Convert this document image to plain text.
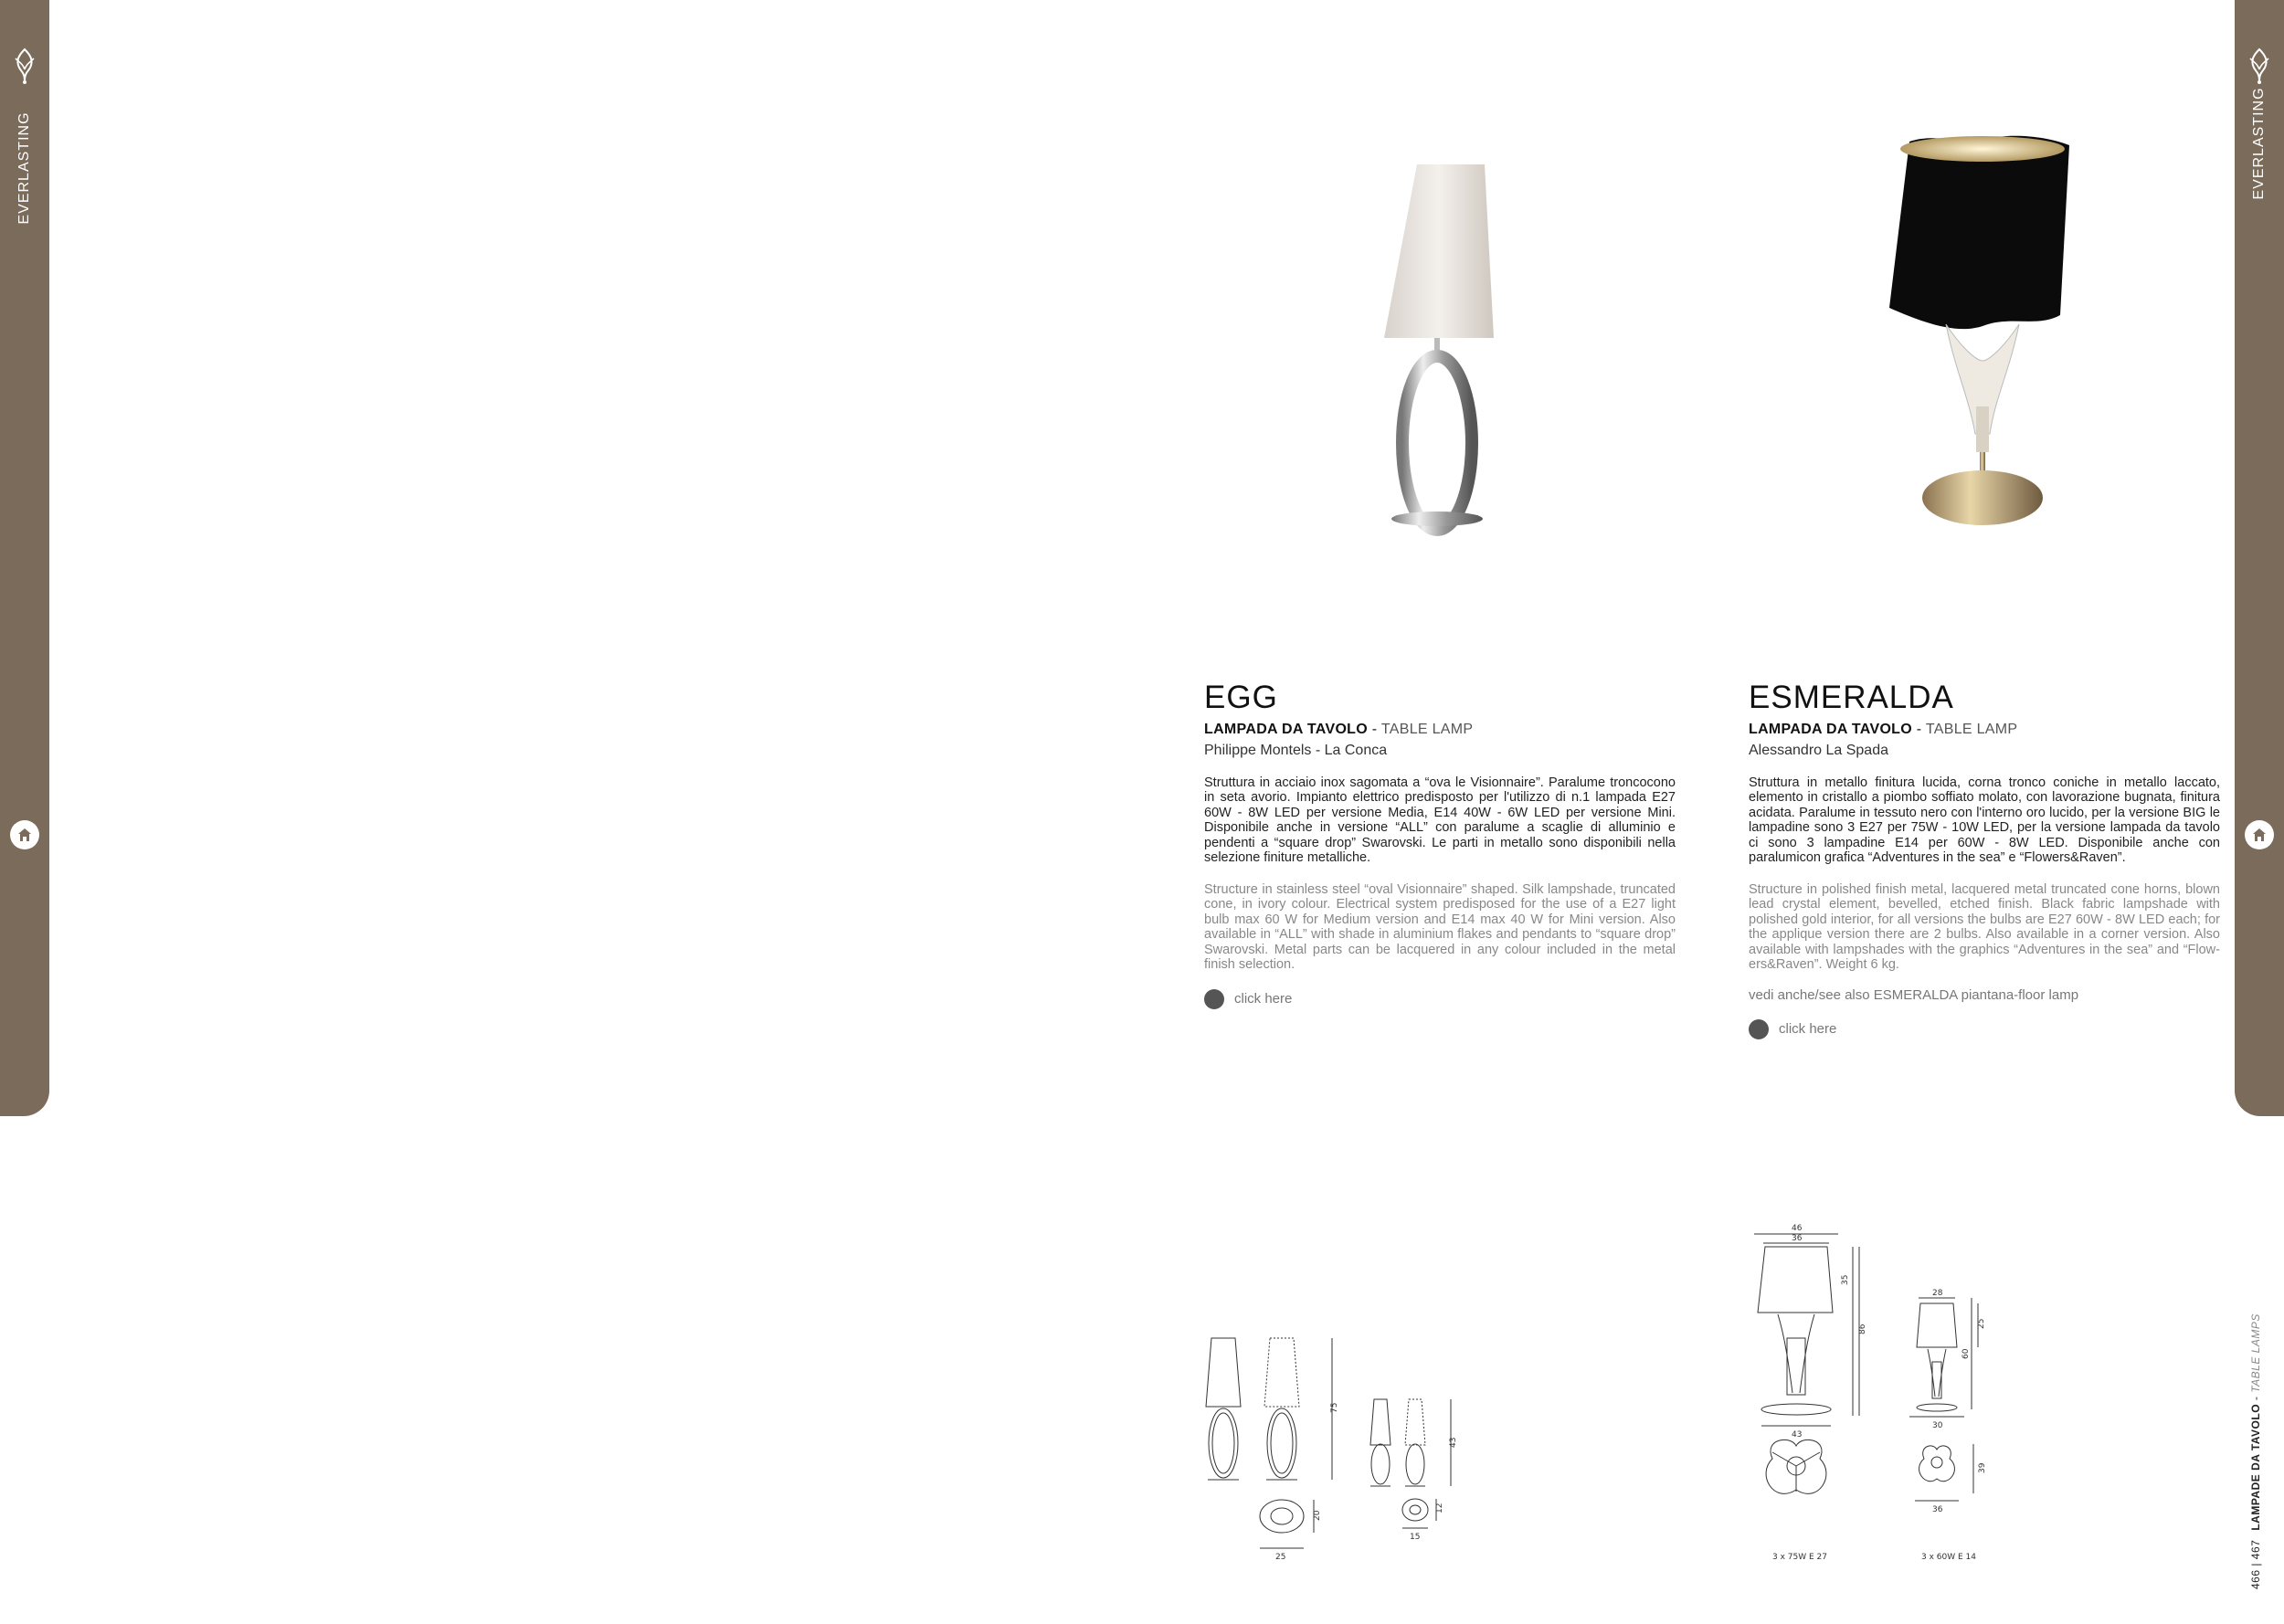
EVERLASTING	EVERLASTING
EGG
LAMPADA DA TAVOLO - TABLE LAMP
Philippe Montels - La Conca
Struttura in acciaio inox sagomata a “ova le Visionnaire”. Paralume troncocono in seta avorio. Impianto elettrico predisposto per l'utilizzo di n.1 lampada E27 60W - 8W LED per versione Media, E14 40W - 6W LED per versione Mini. Disponibile anche in versione “ALL” con paralume a scaglie di alluminio e pendenti a “square drop” Swarovski. Le parti in metallo sono disponibili nella selezione finiture metalliche.
Structure in stainless steel “oval Visionnaire” shaped. Silk lampshade, truncated cone, in ivory colour. Electrical system predisposed for the use of a E27 light bulb max 60 W for Medium version and E14 max 40 W for Mini version. Also available in “ALL” with shade in aluminium flakes and pendants to “square drop” Swarovski. Metal parts can be lacquered in any colour included in the metal finish selection.
click here
ESMERALDA
LAMPADA DA TAVOLO - TABLE LAMP
Alessandro La Spada
Struttura in metallo finitura lucida, corna tronco coniche in metallo laccato, elemento in cristallo a piombo soffiato molato, con lavorazione bugnata, finitura acidata. Paralume in tessuto nero con l'interno oro lucido, per la versione BIG le lampadine sono 3 E27 per 75W - 10W LED, per la versione lampada da tavolo ci sono 3 lampadine E14 per 60W - 8W LED. Disponibile anche con paralumicon grafica “Adventures in the sea” e “Flowers&Raven”.
Structure in polished finish metal, lacquered metal truncated cone horns, blown lead crystal element, bevelled, etched finish. Black fabric lampshade with polished gold interior, for all versions the bulbs are E27 60W - 8W LED each; for the applique version there are 2 bulbs. Also available in a corner version. Also available with lampshades with the graphics “Adventures in the sea” and “Flowers&Raven”. Weight 6 kg.
vedi anche/see also ESMERALDA piantana-floor lamp
click here
75
20
25
43
12
15
46
36
35
86
43
28
25
60
30
39
36
3 x 75W E 27	3 x 60W E 14	466 | 467LAMPADE DA TAVOLO - TABLE LAMPS
